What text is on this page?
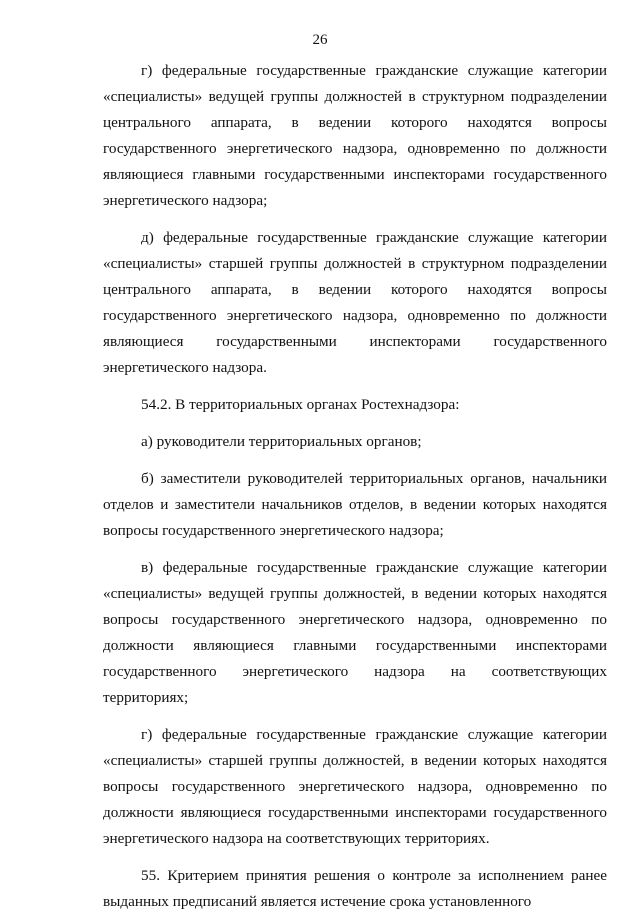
26

г) федеральные государственные гражданские служащие категории «специалисты» ведущей группы должностей в структурном подразделении центрального аппарата, в ведении которого находятся вопросы государственного энергетического надзора, одновременно по должности являющиеся главными государственными инспекторами государственного энергетического надзора;

д) федеральные государственные гражданские служащие категории «специалисты» старшей группы должностей в структурном подразделении центрального аппарата, в ведении которого находятся вопросы государственного энергетического надзора, одновременно по должности являющиеся государственными инспекторами государственного энергетического надзора.

54.2. В территориальных органах Ростехнадзора:

а) руководители территориальных органов;

б) заместители руководителей территориальных органов, начальники отделов и заместители начальников отделов, в ведении которых находятся вопросы государственного энергетического надзора;

в) федеральные государственные гражданские служащие категории «специалисты» ведущей группы должностей, в ведении которых находятся вопросы государственного энергетического надзора, одновременно по должности являющиеся главными государственными инспекторами государственного энергетического надзора на соответствующих территориях;

г) федеральные государственные гражданские служащие категории «специалисты» старшей группы должностей, в ведении которых находятся вопросы государственного энергетического надзора, одновременно по должности являющиеся государственными инспекторами государственного энергетического надзора на соответствующих территориях.

55. Критерием принятия решения о контроле за исполнением ранее выданных предписаний является истечение срока установленного
